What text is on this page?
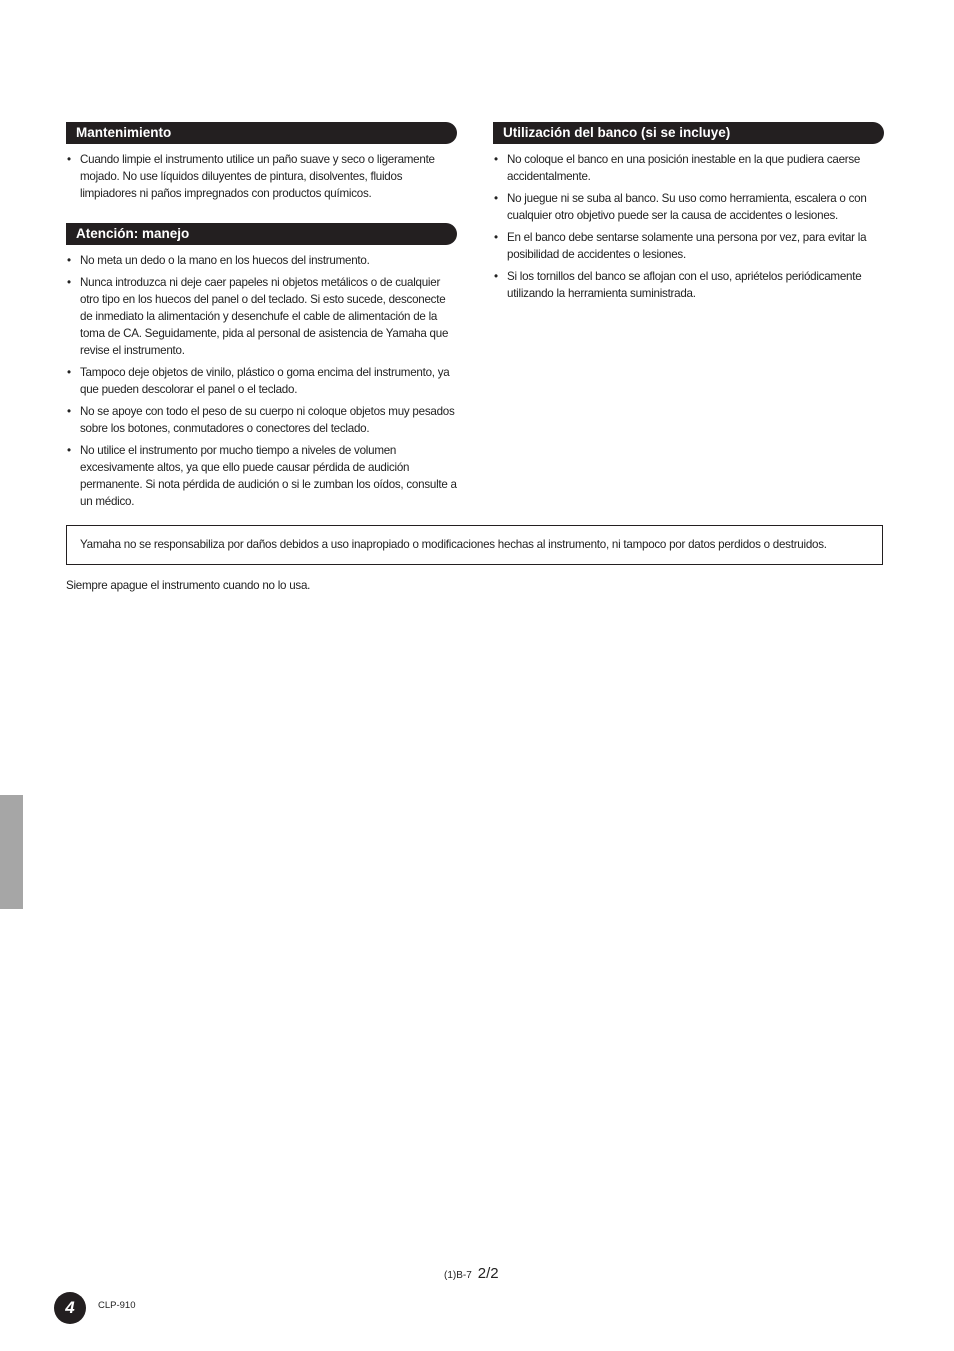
Mantenimiento
• Cuando limpie el instrumento utilice un paño suave y seco o ligeramente mojado. No use líquidos diluyentes de pintura, disolventes, fluidos limpiadores ni paños impregnados con productos químicos.
Atención: manejo
• No meta un dedo o la mano en los huecos del instrumento.
• Nunca introduzca ni deje caer papeles ni objetos metálicos o de cualquier otro tipo en los huecos del panel o del teclado. Si esto sucede, desconecte de inmediato la alimentación y desenchufe el cable de alimentación de la toma de CA. Seguidamente, pida al personal de asistencia de Yamaha que revise el instrumento.
• Tampoco deje objetos de vinilo, plástico o goma encima del instrumento, ya que pueden descolorar el panel o el teclado.
• No se apoye con todo el peso de su cuerpo ni coloque objetos muy pesados sobre los botones, conmutadores o conectores del teclado.
• No utilice el instrumento por mucho tiempo a niveles de volumen excesivamente altos, ya que ello puede causar pérdida de audición permanente. Si nota pérdida de audición o si le zumban los oídos, consulte a un médico.
Utilización del banco (si se incluye)
• No coloque el banco en una posición inestable en la que pudiera caerse accidentalmente.
• No juegue ni se suba al banco. Su uso como herramienta, escalera o con cualquier otro objetivo puede ser la causa de accidentes o lesiones.
• En el banco debe sentarse solamente una persona por vez, para evitar la posibilidad de accidentes o lesiones.
• Si los tornillos del banco se aflojan con el uso, apriételos periódicamente utilizando la herramienta suministrada.
Yamaha no se responsabiliza por daños debidos a uso inapropiado o modificaciones hechas al instrumento, ni tampoco por datos perdidos o destruidos.
Siempre apague el instrumento cuando no lo usa.
(1)B-7 2/2
4	CLP-910
